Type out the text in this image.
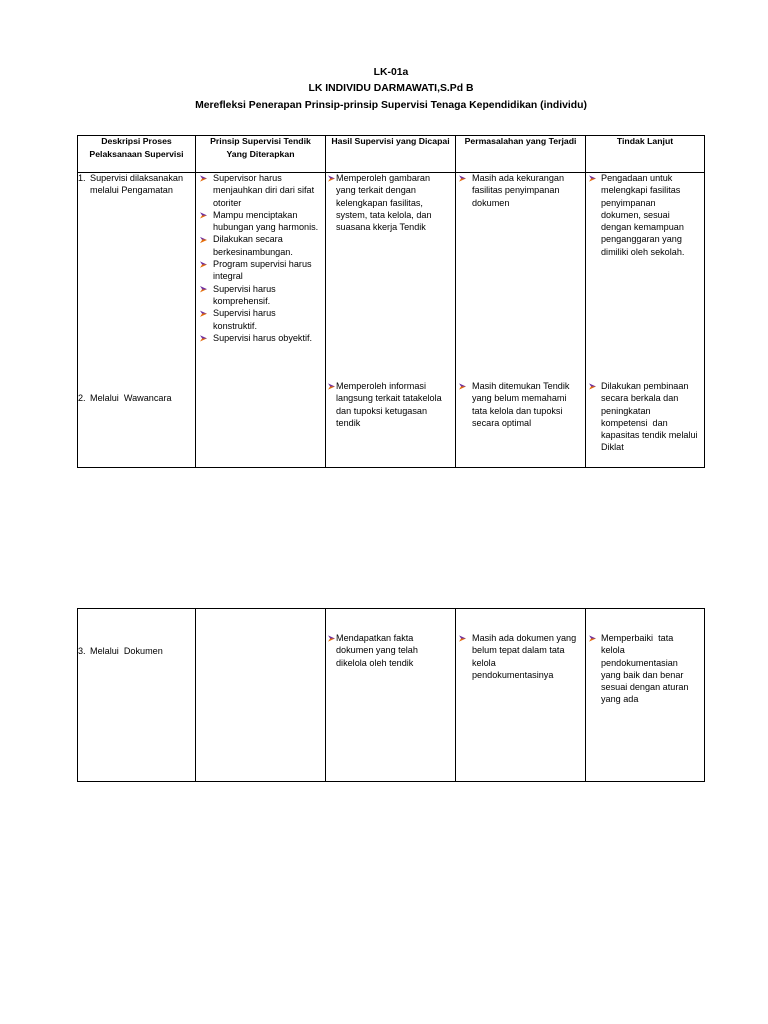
LK-01a
LK INDIVIDU DARMAWATI,S.Pd B
Merefleksi Penerapan Prinsip-prinsip Supervisi Tenaga Kependidikan (individu)
Deskripsi Proses
Pelaksanaan Supervisi
Prinsip Supervisi Tendik
Yang Diterapkan
Hasil Supervisi yang Dicapai	Permasalahan yang Terjadi	Tindak Lanjut
1. Supervisi dilaksanakan
melalui Pengamatan
2. Melalui  Wawancara
Supervisor harus
menjauhkan diri dari sifat
otoriter
Mampu menciptakan
hubungan yang harmonis.
Dilakukan secara
berkesinambungan.
Program supervisi harus
integral
Supervisi harus
komprehensif.
Supervisi harus
konstruktif.
Supervisi harus obyektif.
Memperoleh gambaran
yang terkait dengan
kelengkapan fasilitas,
system, tata kelola, dan
suasana kkerja Tendik
Memperoleh informasi
langsung terkait tatakelola
dan tupoksi ketugasan
tendik
Masih ada kekurangan
fasilitas penyimpanan
dokumen
Masih ditemukan Tendik
yang belum memahami
tata kelola dan tupoksi
secara optimal
Pengadaan untuk
melengkapi fasilitas
penyimpanan
dokumen, sesuai
dengan kemampuan
penganggaran yang
dimiliki oleh sekolah.
Dilakukan pembinaan
secara berkala dan
peningkatan
kompetensi  dan
kapasitas tendik melalui
Diklat
3. Melalui  Dokumen
Mendapatkan fakta
dokumen yang telah
dikelola oleh tendik
Masih ada dokumen yang
belum tepat dalam tata
kelola
pendokumentasinya
Memperbaiki  tata
kelola
pendokumentasian
yang baik dan benar
sesuai dengan aturan
yang ada
